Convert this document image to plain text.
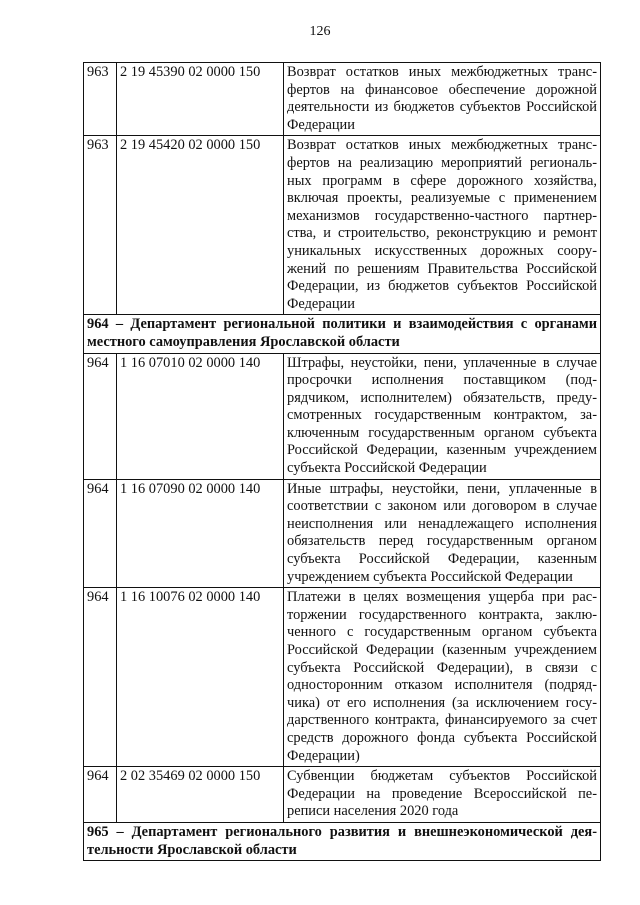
126
963	2 19 45390 02 0000 150	Возврат остатков иных межбюджетных трансфертов на финансовое обеспечение дорожной деятельности из бюджетов субъектов Российской Федерации
963	2 19 45420 02 0000 150	Возврат остатков иных межбюджетных трансфертов на реализацию мероприятий региональных программ в сфере дорожного хозяйства, включая проекты, реализуемые с применением механизмов государственно-частного партнерства, и строительство, реконструкцию и ремонт уникальных искусственных дорожных сооружений по решениям Правительства Российской Федерации, из бюджетов субъектов Российской Федерации
964 – Департамент региональной политики и взаимодействия с органами местного самоуправления Ярославской области		
964	1 16 07010 02 0000 140	Штрафы, неустойки, пени, уплаченные в случае просрочки исполнения поставщиком (подрядчиком, исполнителем) обязательств, предусмотренных государственным контрактом, заключенным государственным органом субъекта Российской Федерации, казенным учреждением субъекта Российской Федерации
964	1 16 07090 02 0000 140	Иные штрафы, неустойки, пени, уплаченные в соответствии с законом или договором в случае неисполнения или ненадлежащего исполнения обязательств перед государственным органом субъекта Российской Федерации, казенным учреждением субъекта Российской Федерации
964	1 16 10076 02 0000 140	Платежи в целях возмещения ущерба при расторжении государственного контракта, заключенного с государственным органом субъекта Российской Федерации (казенным учреждением субъекта Российской Федерации), в связи с односторонним отказом исполнителя (подрядчика) от его исполнения (за исключением государственного контракта, финансируемого за счет средств дорожного фонда субъекта Российской Федерации)
964	2 02 35469 02 0000 150	Субвенции бюджетам субъектов Российской Федерации на проведение Всероссийской переписи населения 2020 года
965 – Департамент регионального развития и внешнеэкономической деятельности Ярославской области		
